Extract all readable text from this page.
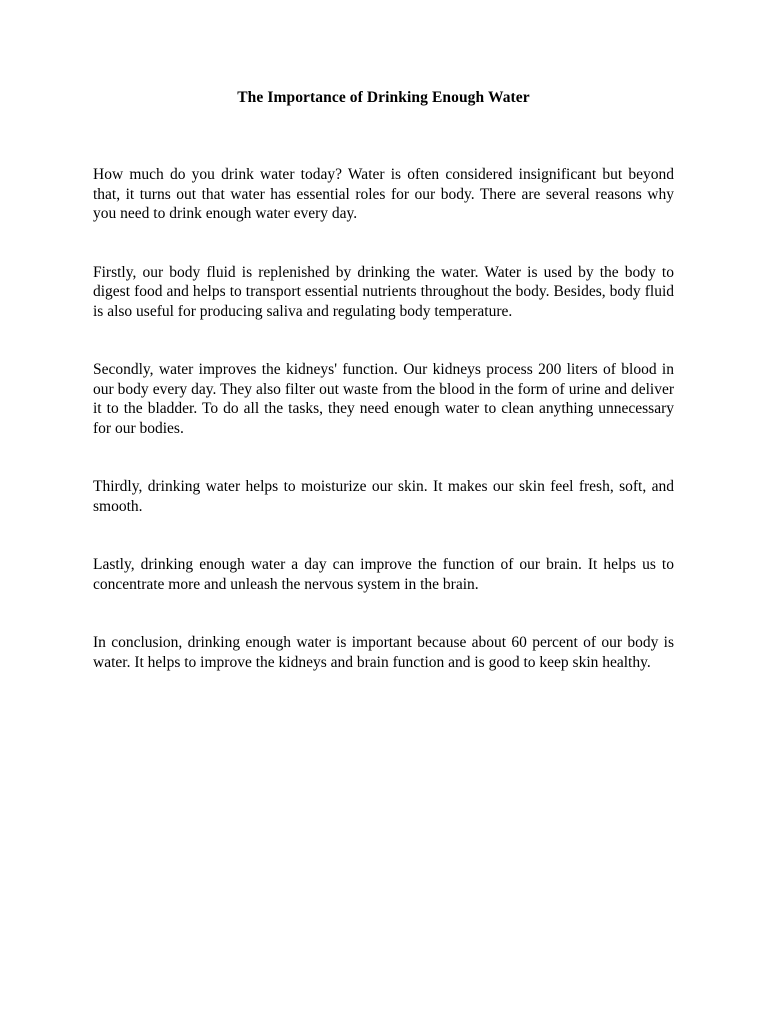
The Importance of Drinking Enough Water

How much do you drink water today? Water is often considered insignificant but beyond that, it turns out that water has essential roles for our body. There are several reasons why you need to drink enough water every day.

Firstly, our body fluid is replenished by drinking the water. Water is used by the body to digest food and helps to transport essential nutrients throughout the body. Besides, body fluid is also useful for producing saliva and regulating body temperature.

Secondly, water improves the kidneys' function. Our kidneys process 200 liters of blood in our body every day. They also filter out waste from the blood in the form of urine and deliver it to the bladder. To do all the tasks, they need enough water to clean anything unnecessary for our bodies.

Thirdly, drinking water helps to moisturize our skin. It makes our skin feel fresh, soft, and smooth.

Lastly, drinking enough water a day can improve the function of our brain. It helps us to concentrate more and unleash the nervous system in the brain.

In conclusion, drinking enough water is important because about 60 percent of our body is water. It helps to improve the kidneys and brain function and is good to keep skin healthy.
